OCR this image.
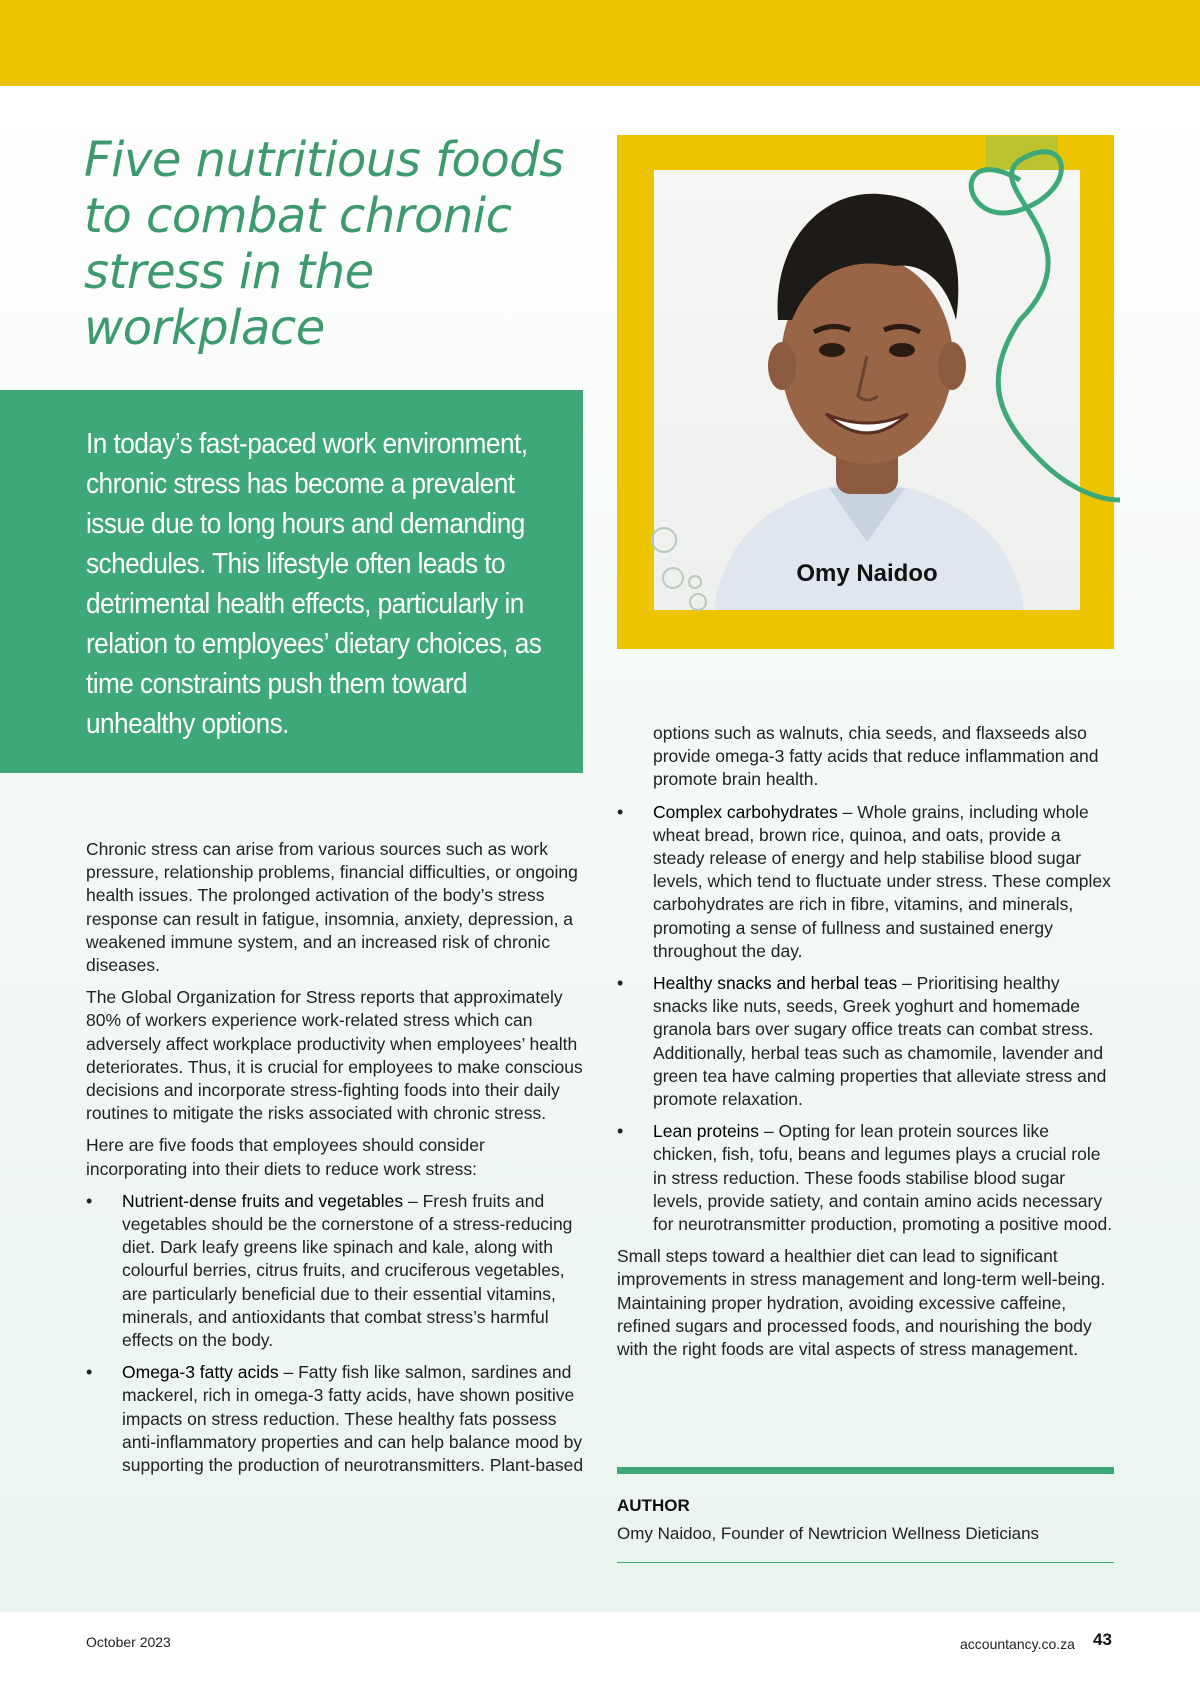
Five nutritious foods to combat chronic stress in the workplace

In today’s fast-paced work environment, chronic stress has become a prevalent issue due to long hours and demanding schedules. This lifestyle often leads to detrimental health effects, particularly in relation to employees’ dietary choices, as time constraints push them toward unhealthy options.

Omy Naidoo

Chronic stress can arise from various sources such as work pressure, relationship problems, financial difficulties, or ongoing health issues. The prolonged activation of the body’s stress response can result in fatigue, insomnia, anxiety, depression, a weakened immune system, and an increased risk of chronic diseases.

The Global Organization for Stress reports that approximately 80% of workers experience work-related stress which can adversely affect workplace productivity when employees’ health deteriorates. Thus, it is crucial for employees to make conscious decisions and incorporate stress-fighting foods into their daily routines to mitigate the risks associated with chronic stress.

Here are five foods that employees should consider incorporating into their diets to reduce work stress:

• Nutrient-dense fruits and vegetables – Fresh fruits and vegetables should be the cornerstone of a stress-reducing diet. Dark leafy greens like spinach and kale, along with colourful berries, citrus fruits, and cruciferous vegetables, are particularly beneficial due to their essential vitamins, minerals, and antioxidants that combat stress’s harmful effects on the body.
• Omega-3 fatty acids – Fatty fish like salmon, sardines and mackerel, rich in omega-3 fatty acids, have shown positive impacts on stress reduction. These healthy fats possess anti-inflammatory properties and can help balance mood by supporting the production of neurotransmitters. Plant-based
options such as walnuts, chia seeds, and flaxseeds also provide omega-3 fatty acids that reduce inflammation and promote brain health.
• Complex carbohydrates – Whole grains, including whole wheat bread, brown rice, quinoa, and oats, provide a steady release of energy and help stabilise blood sugar levels, which tend to fluctuate under stress. These complex carbohydrates are rich in fibre, vitamins, and minerals, promoting a sense of fullness and sustained energy throughout the day.
• Healthy snacks and herbal teas – Prioritising healthy snacks like nuts, seeds, Greek yoghurt and homemade granola bars over sugary office treats can combat stress. Additionally, herbal teas such as chamomile, lavender and green tea have calming properties that alleviate stress and promote relaxation.
• Lean proteins – Opting for lean protein sources like chicken, fish, tofu, beans and legumes plays a crucial role in stress reduction. These foods stabilise blood sugar levels, provide satiety, and contain amino acids necessary for neurotransmitter production, promoting a positive mood.

Small steps toward a healthier diet can lead to significant improvements in stress management and long-term well-being. Maintaining proper hydration, avoiding excessive caffeine, refined sugars and processed foods, and nourishing the body with the right foods are vital aspects of stress management.

AUTHOR
Omy Naidoo, Founder of Newtricion Wellness Dieticians
October 2023	accountancy.co.za 43
